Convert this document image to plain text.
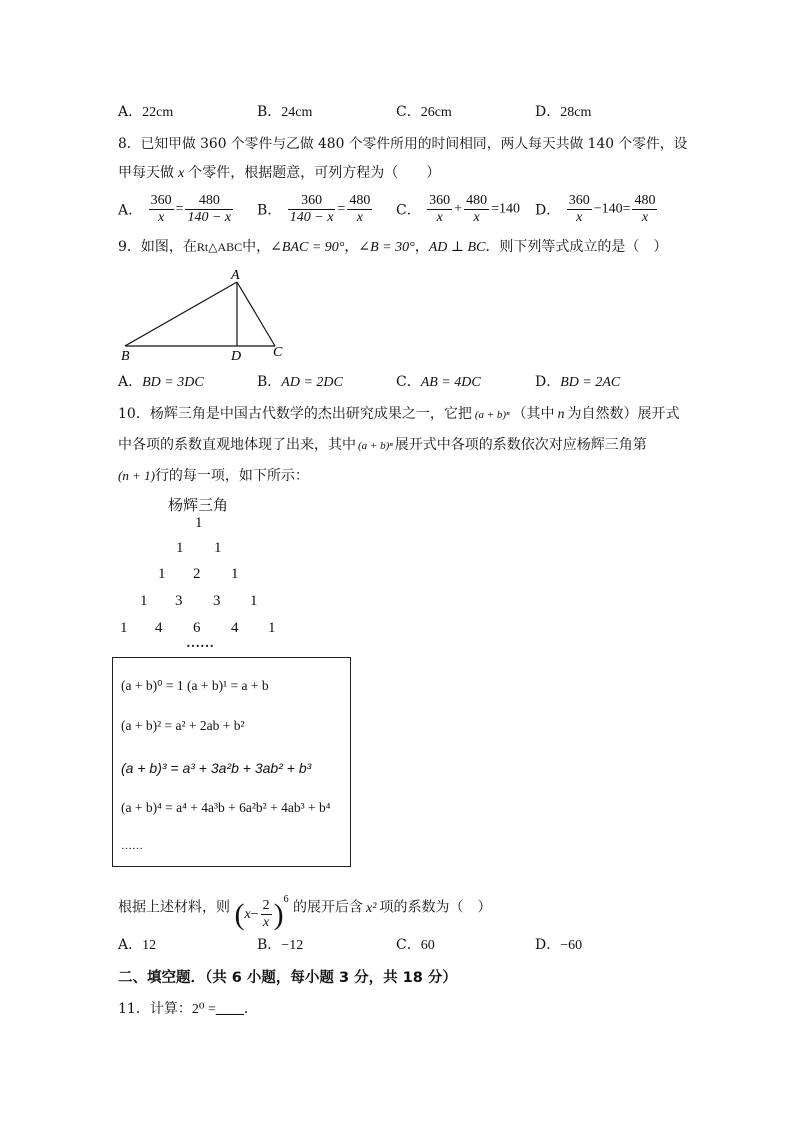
A．22cm	B．24cm	C．26cm	D．28cm
8．已知甲做 360 个零件与乙做 480 个零件所用的时间相同，两人每天共做 140 个零件，设
甲每天做 x 个零件，根据题意，可列方程为（　　）
A． $\frac{360}{x} = \frac{480}{140 - x}$ B． $\frac{360}{140 - x} = \frac{480}{x}$ C． $\frac{360}{x} + \frac{480}{x} =140$ D． $\frac{360}{x} -140= \frac{480}{x}$
9．如图，在Rt△ABC中，∠BAC = 90°，∠B = 30°，AD ⊥ BC．则下列等式成立的是（　）
A
B	D C
A．BD = 3DC	B．AD = 2DC	C．AB = 4DC	D．BD = 2AC
10．杨辉三角是中国古代数学的杰出研究成果之一，它把 (a + b)ⁿ （其中 n 为自然数）展开式
中各项的系数直观地体现了出来，其中 (a + b)ⁿ 展开式中各项的系数依次对应杨辉三角第
(n + 1)行的每一项，如下所示：
杨辉三角
1
1 1
1 2 1
1 3 3 1
1 4 6 4 1
……
(a + b)⁰ = 1 (a + b)¹ = a + b
(a + b)² = a² + 2ab + b²
(a + b)³ = a³ + 3a²b + 3ab² + b³
(a + b)⁴ = a⁴ + 4a³b + 6a²b² + 4ab³ + b⁴
……
根据上述材料，则 $(x- \frac{2}{x} )^6$ 的展开后含 x² 项的系数为（　）
A．12	B．−12	C．60	D．−60
二、填空题．（共 6 小题，每小题 3 分，共 18 分）
11．计算：2⁰ =____．
